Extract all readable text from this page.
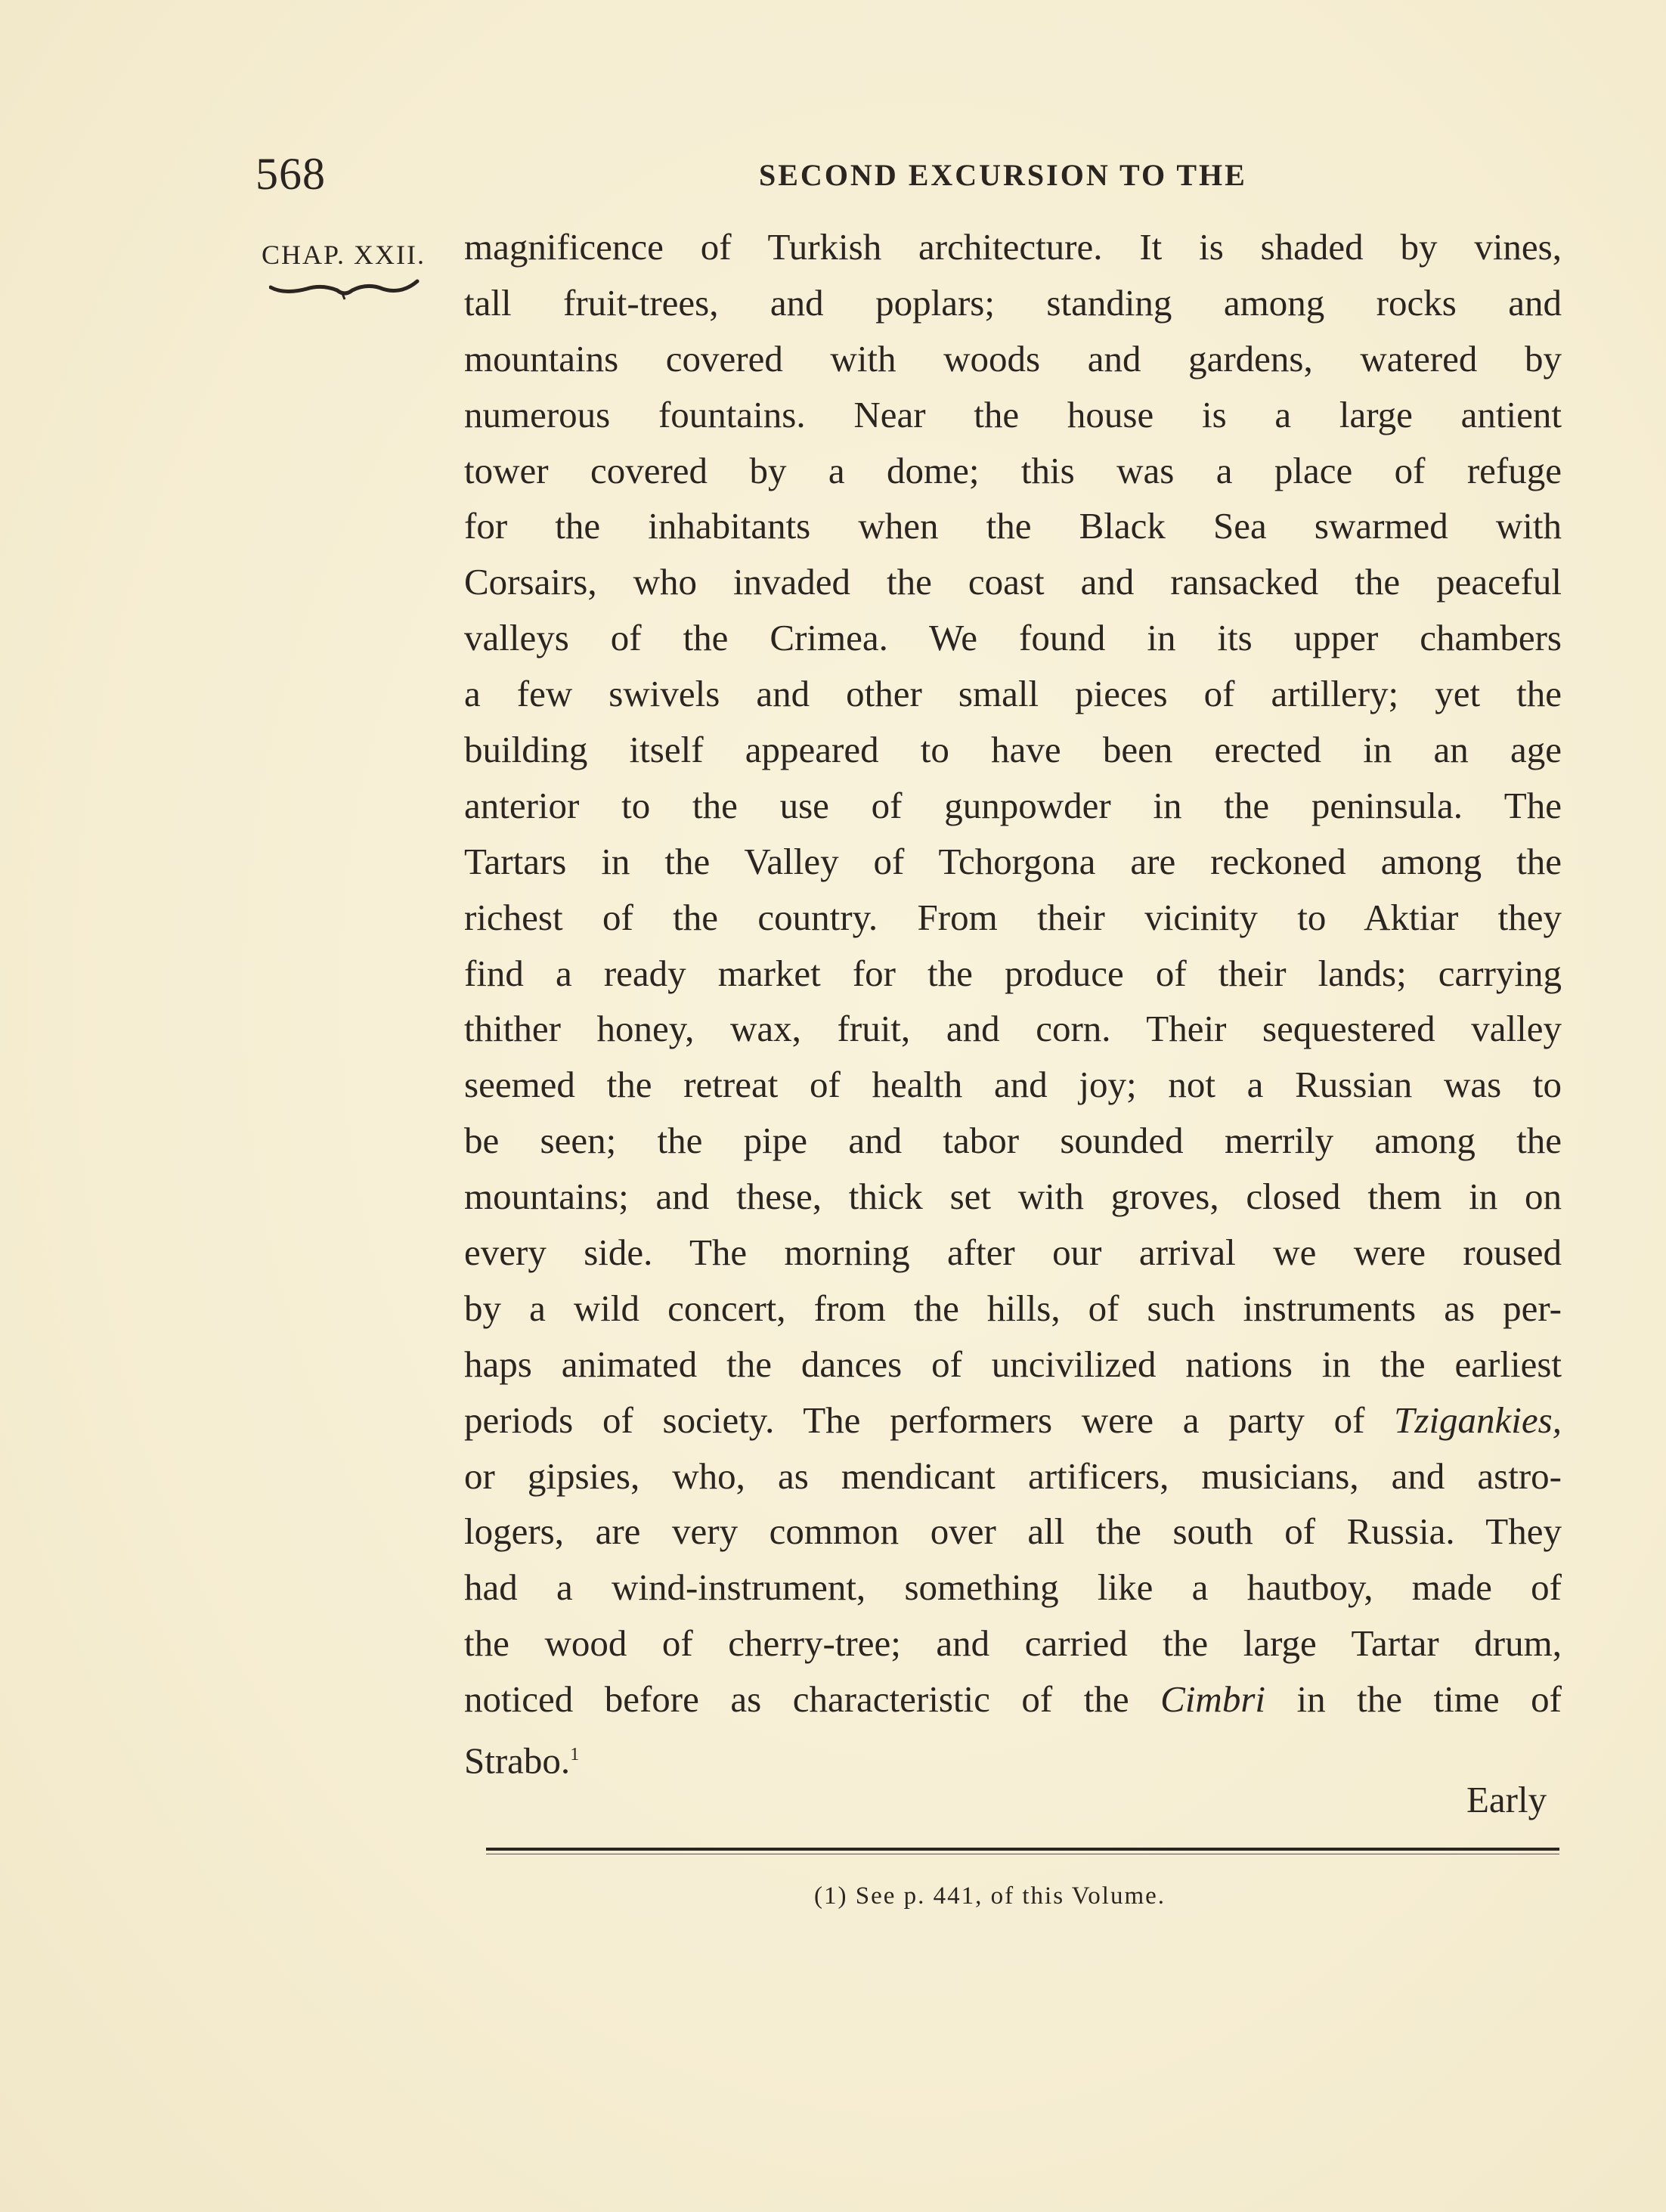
568	SECOND EXCURSION TO THE
CHAP. XXII. magnificence of Turkish architecture. It is shaded by vines,
tall fruit-trees, and poplars; standing among rocks and
mountains covered with woods and gardens, watered by
numerous fountains. Near the house is a large antient
tower covered by a dome; this was a place of refuge
for the inhabitants when the Black Sea swarmed with
Corsairs, who invaded the coast and ransacked the peaceful
valleys of the Crimea. We found in its upper chambers
a few swivels and other small pieces of artillery; yet the
building itself appeared to have been erected in an age
anterior to the use of gunpowder in the peninsula. The
Tartars in the Valley of Tchorgona are reckoned among the
richest of the country. From their vicinity to Aktiar they
find a ready market for the produce of their lands; carrying
thither honey, wax, fruit, and corn. Their sequestered valley
seemed the retreat of health and joy; not a Russian was to
be seen; the pipe and tabor sounded merrily among the
mountains; and these, thick set with groves, closed them in on
every side. The morning after our arrival we were roused
by a wild concert, from the hills, of such instruments as per-
haps animated the dances of uncivilized nations in the earliest
periods of society. The performers were a party of Tzigankies,
or gipsies, who, as mendicant artificers, musicians, and astro-
logers, are very common over all the south of Russia. They
had a wind-instrument, something like a hautboy, made of
the wood of cherry-tree; and carried the large Tartar drum,
noticed before as characteristic of the Cimbri in the time of
Strabo.$^1$
Early
(1) See p. 441, of this Volume.
